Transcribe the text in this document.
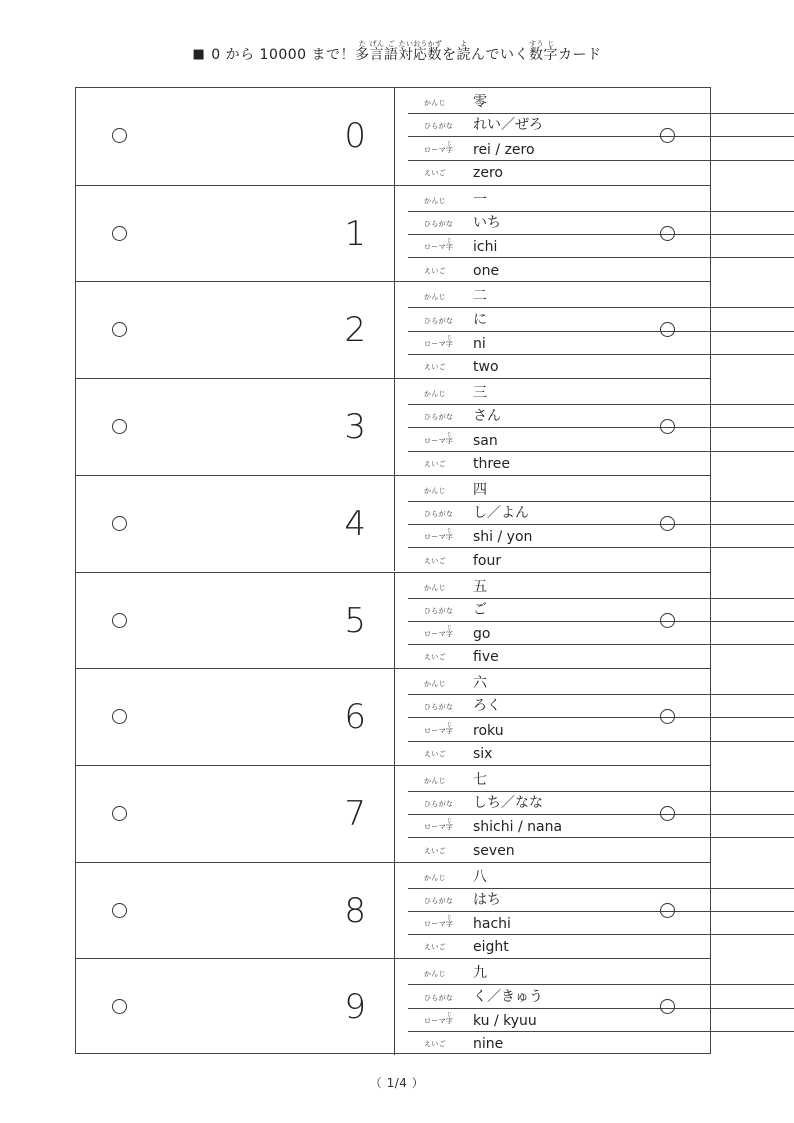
■ 0 から 10000 まで！ 多た言げん語ご対たい応おう
数かずを読よ
んでいく 数すう字じ
カード
0
かんじ 零
ひらがな れい／ぜろ
ローマ字じ rei / zero
えいご zero
1
かんじ 一
ひらがな いち
ローマ字じ ichi
えいご one
2
かんじ 二
ひらがな に
ローマ字じ ni
えいご two
3
かんじ 三
ひらがな さん
ローマ字じ san
えいご three
4
かんじ 四
ひらがな し／よん
ローマ字じ shi / yon
えいご four
5
かんじ 五
ひらがな ご
ローマ字じ go
えいご five
6
かんじ 六
ひらがな ろく
ローマ字じ roku
えいご six
7
かんじ 七
ひらがな しち／なな
ローマ字じ shichi / nana
えいご seven
8
かんじ 八
ひらがな はち
ローマ字じ hachi
えいご eight
9
かんじ 九
ひらがな く／きゅう
ローマ字じ ku / kyuu
えいご nine
（ 1/4 ）
